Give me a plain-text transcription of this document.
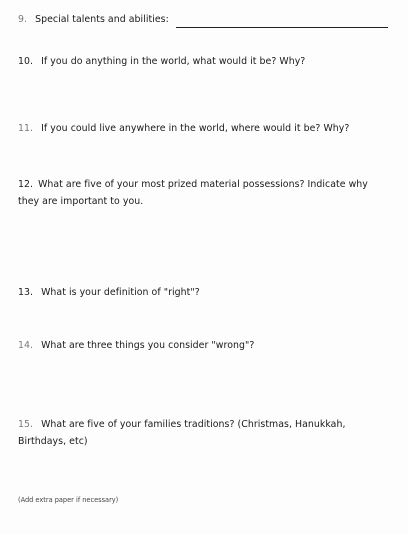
9. Special talents and abilities:
10. If you do anything in the world, what would it be? Why?
11. If you could live anywhere in the world, where would it be? Why?
12. What are five of your most prized material possessions? Indicate why they are important to you.
13. What is your definition of "right"?
14. What are three things you consider "wrong"?
15. What are five of your families traditions? (Christmas, Hanukkah, Birthdays, etc)
(Add extra paper if necessary)
